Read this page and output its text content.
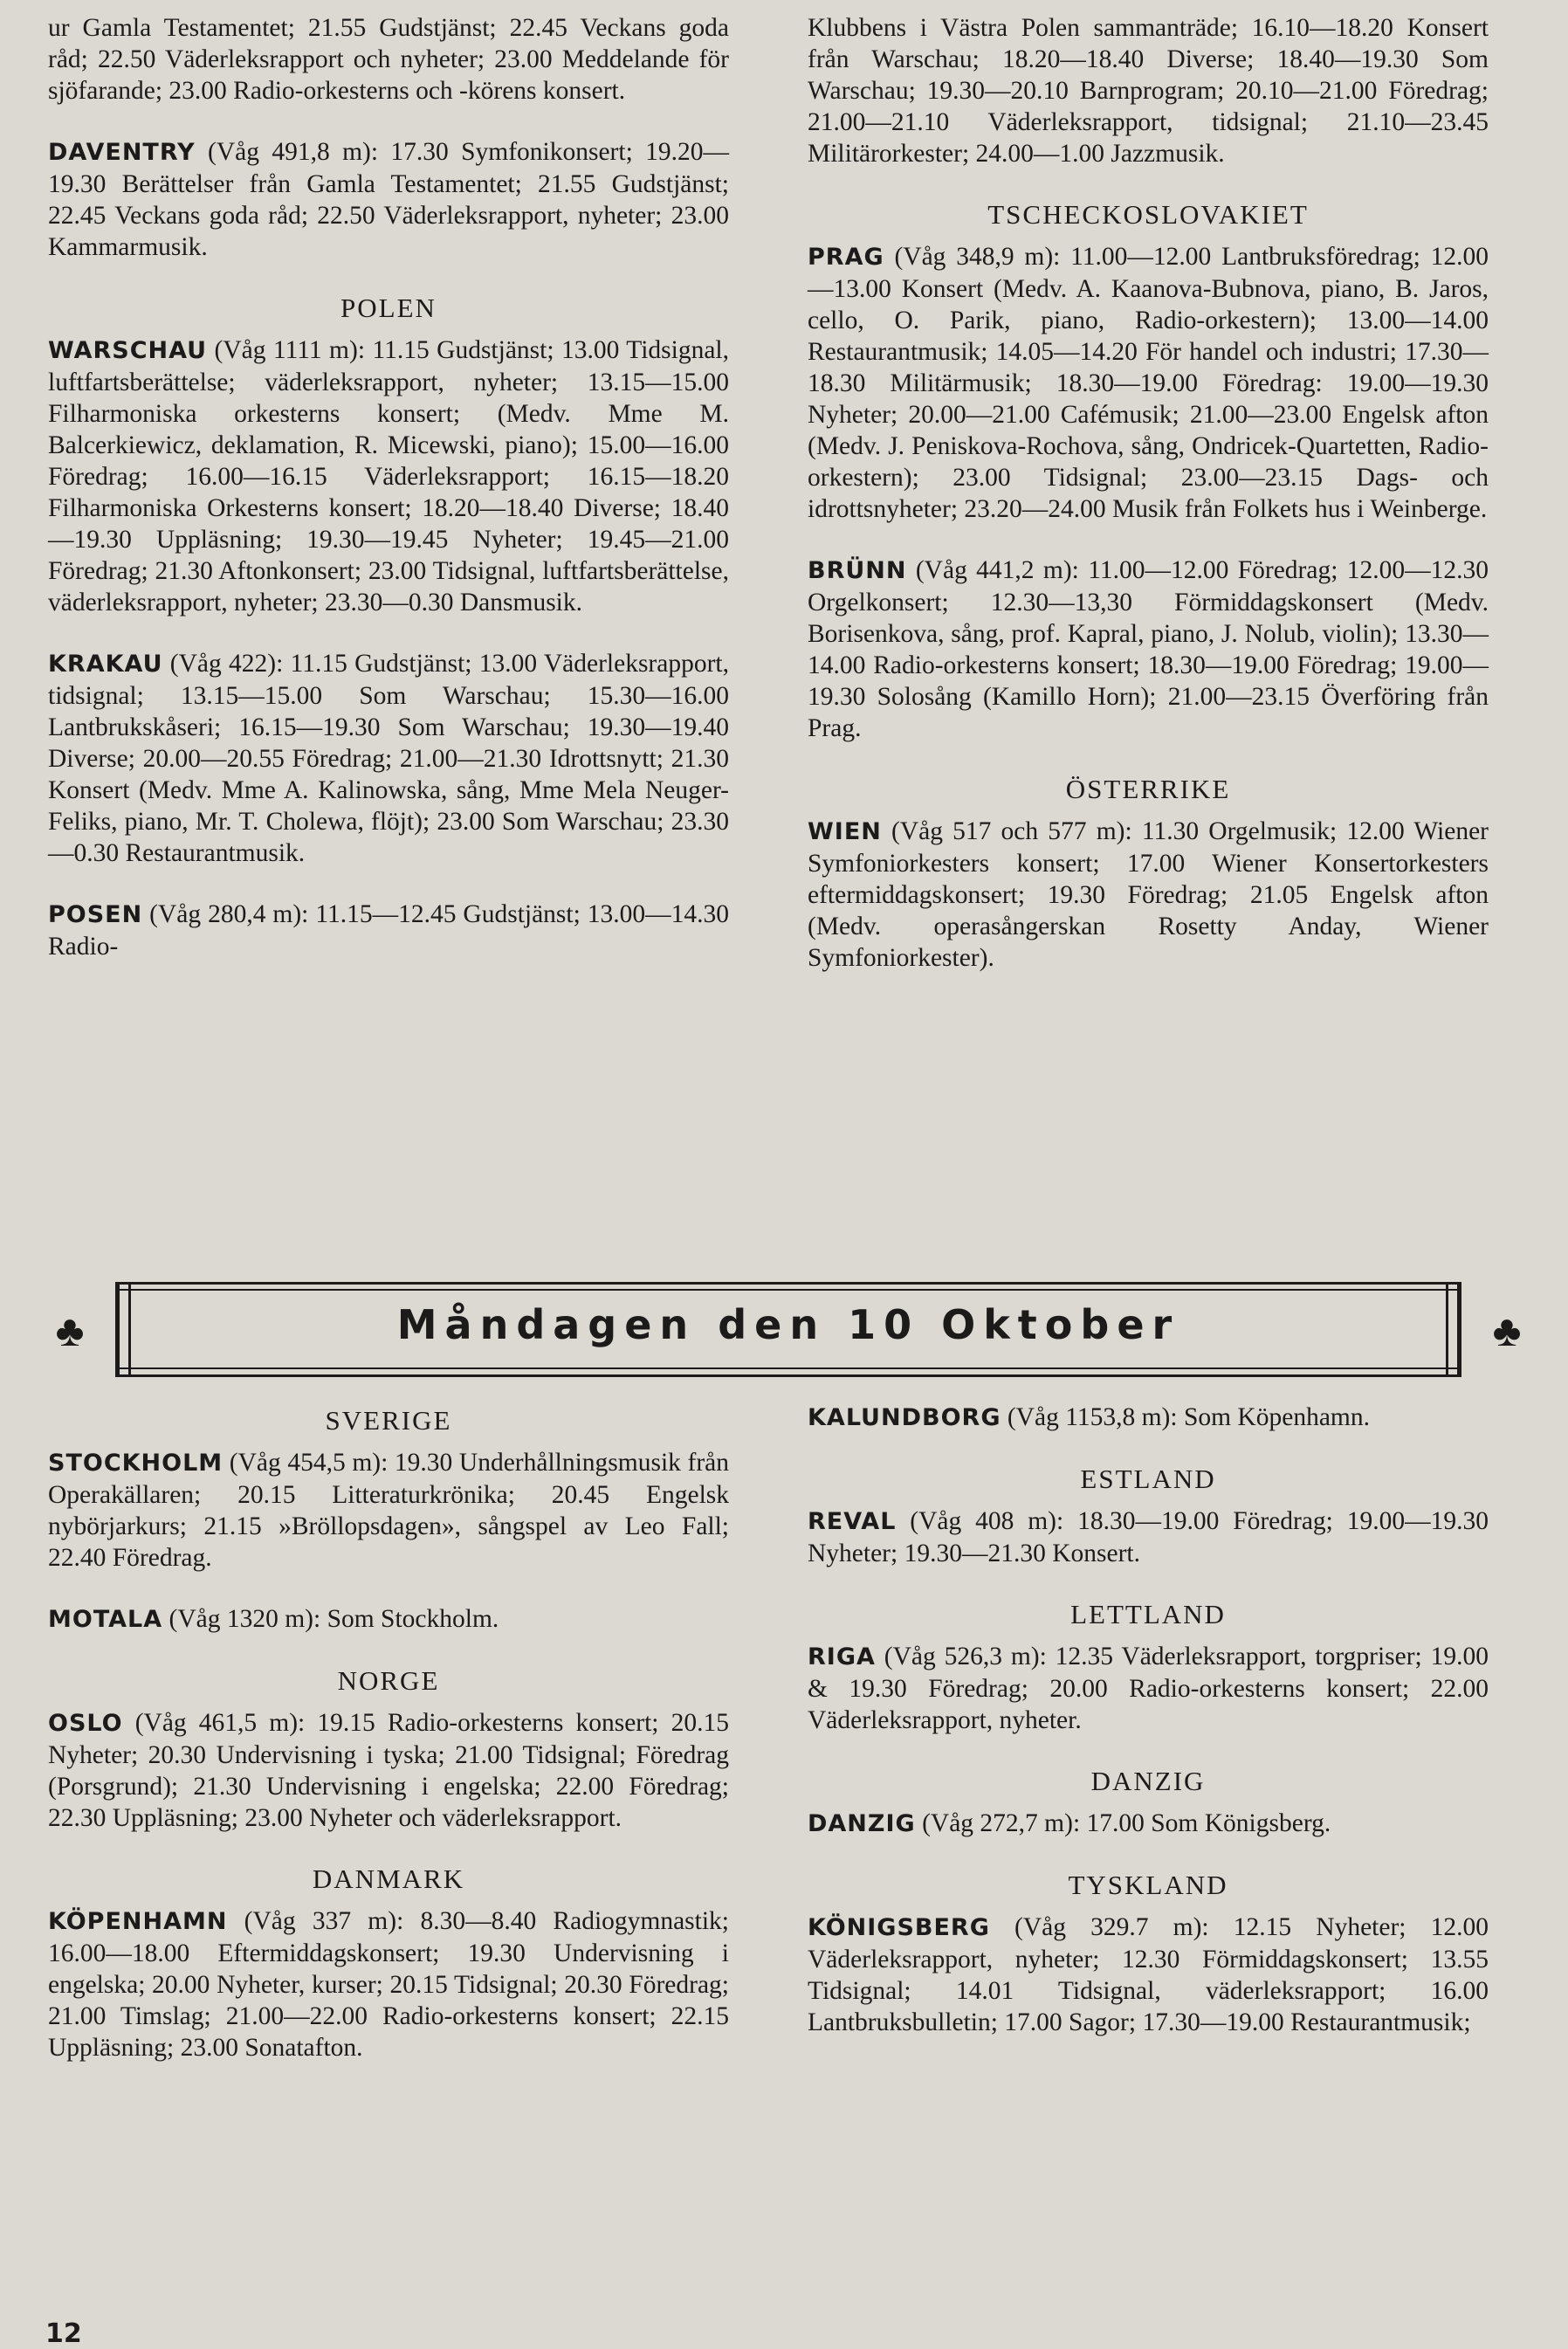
ur Gamla Testamentet; 21.55 Gudstjänst; 22.45 Veckans goda råd; 22.50 Väderleksrapport och nyheter; 23.00 Meddelande för sjöfarande; 23.00 Radio-orkesterns och -körens konsert.

DAVENTRY (Våg 491,8 m): 17.30 Symfonikonsert; 19.20—19.30 Berättelser från Gamla Testamentet; 21.55 Gudstjänst; 22.45 Veckans goda råd; 22.50 Väderleksrapport, nyheter; 23.00 Kammarmusik.

POLEN

WARSCHAU (Våg 1111 m): 11.15 Gudstjänst; 13.00 Tidsignal, luftfartsberättelse; väderleksrapport, nyheter; 13.15—15.00 Filharmoniska orkesterns konsert; (Medv. Mme M. Balcerkiewicz, deklamation, R. Micewski, piano); 15.00—16.00 Föredrag; 16.00—16.15 Väderleksrapport; 16.15—18.20 Filharmoniska Orkesterns konsert; 18.20—18.40 Diverse; 18.40—19.30 Uppläsning; 19.30—19.45 Nyheter; 19.45—21.00 Föredrag; 21.30 Aftonkonsert; 23.00 Tidsignal, luftfartsberättelse, väderleksrapport, nyheter; 23.30—0.30 Dansmusik.

KRAKAU (Våg 422): 11.15 Gudstjänst; 13.00 Väderleksrapport, tidsignal; 13.15—15.00 Som Warschau; 15.30—16.00 Lantbrukskåseri; 16.15—19.30 Som Warschau; 19.30—19.40 Diverse; 20.00—20.55 Föredrag; 21.00—21.30 Idrottsnytt; 21.30 Konsert (Medv. Mme A. Kalinowska, sång, Mme Mela Neuger-Feliks, piano, Mr. T. Cholewa, flöjt); 23.00 Som Warschau; 23.30—0.30 Restaurantmusik.

POSEN (Våg 280,4 m): 11.15—12.45 Gudstjänst; 13.00—14.30 Radio-

Klubbens i Västra Polen sammanträde; 16.10—18.20 Konsert från Warschau; 18.20—18.40 Diverse; 18.40—19.30 Som Warschau; 19.30—20.10 Barnprogram; 20.10—21.00 Föredrag; 21.00—21.10 Väderleksrapport, tidsignal; 21.10—23.45 Militärorkester; 24.00—1.00 Jazzmusik.

TSCHECKOSLOVAKIET

PRAG (Våg 348,9 m): 11.00—12.00 Lantbruksföredrag; 12.00—13.00 Konsert (Medv. A. Kaanova-Bubnova, piano, B. Jaros, cello, O. Parik, piano, Radio-orkestern); 13.00—14.00 Restaurantmusik; 14.05—14.20 För handel och industri; 17.30—18.30 Militärmusik; 18.30—19.00 Föredrag: 19.00—19.30 Nyheter; 20.00—21.00 Cafémusik; 21.00—23.00 Engelsk afton (Medv. J. Peniskova-Rochova, sång, Ondricek-Quartetten, Radio-orkestern); 23.00 Tidsignal; 23.00—23.15 Dags- och idrottsnyheter; 23.20—24.00 Musik från Folkets hus i Weinberge.

BRÜNN (Våg 441,2 m): 11.00—12.00 Föredrag; 12.00—12.30 Orgelkonsert; 12.30—13,30 Förmiddagskonsert (Medv. Borisenkova, sång, prof. Kapral, piano, J. Nolub, violin); 13.30—14.00 Radio-orkesterns konsert; 18.30—19.00 Föredrag; 19.00—19.30 Solosång (Kamillo Horn); 21.00—23.15 Överföring från Prag.

ÖSTERRIKE

WIEN (Våg 517 och 577 m): 11.30 Orgelmusik; 12.00 Wiener Symfoniorkesters konsert; 17.00 Wiener Konsertorkesters eftermiddagskonsert; 19.30 Föredrag; 21.05 Engelsk afton (Medv. operasångerskan Rosetty Anday, Wiener Symfoniorkester).

♣	Måndagen den 10 Oktober	♣
SVERIGE

STOCKHOLM (Våg 454,5 m): 19.30 Underhållningsmusik från Operakällaren; 20.15 Litteraturkrönika; 20.45 Engelsk nybörjarkurs; 21.15 »Bröllopsdagen», sångspel av Leo Fall; 22.40 Föredrag.

MOTALA (Våg 1320 m): Som Stockholm.

NORGE

OSLO (Våg 461,5 m): 19.15 Radio-orkesterns konsert; 20.15 Nyheter; 20.30 Undervisning i tyska; 21.00 Tidsignal; Föredrag (Porsgrund); 21.30 Undervisning i engelska; 22.00 Föredrag; 22.30 Uppläsning; 23.00 Nyheter och väderleksrapport.

DANMARK

KÖPENHAMN (Våg 337 m): 8.30—8.40 Radiogymnastik; 16.00—18.00 Eftermiddagskonsert; 19.30 Undervisning i engelska; 20.00 Nyheter, kurser; 20.15 Tidsignal; 20.30 Föredrag; 21.00 Timslag; 21.00—22.00 Radio-orkesterns konsert; 22.15 Uppläsning; 23.00 Sonatafton.

KALUNDBORG (Våg 1153,8 m): Som Köpenhamn.

ESTLAND

REVAL (Våg 408 m): 18.30—19.00 Föredrag; 19.00—19.30 Nyheter; 19.30—21.30 Konsert.

LETTLAND

RIGA (Våg 526,3 m): 12.35 Väderleksrapport, torgpriser; 19.00 & 19.30 Föredrag; 20.00 Radio-orkesterns konsert; 22.00 Väderleksrapport, nyheter.

DANZIG

DANZIG (Våg 272,7 m): 17.00 Som Königsberg.

TYSKLAND

KÖNIGSBERG (Våg 329.7 m): 12.15 Nyheter; 12.00 Väderleksrapport, nyheter; 12.30 Förmiddagskonsert; 13.55 Tidsignal; 14.01 Tidsignal, väderleksrapport; 16.00 Lantbruksbulletin; 17.00 Sagor; 17.30—19.00 Restaurantmusik;

12
